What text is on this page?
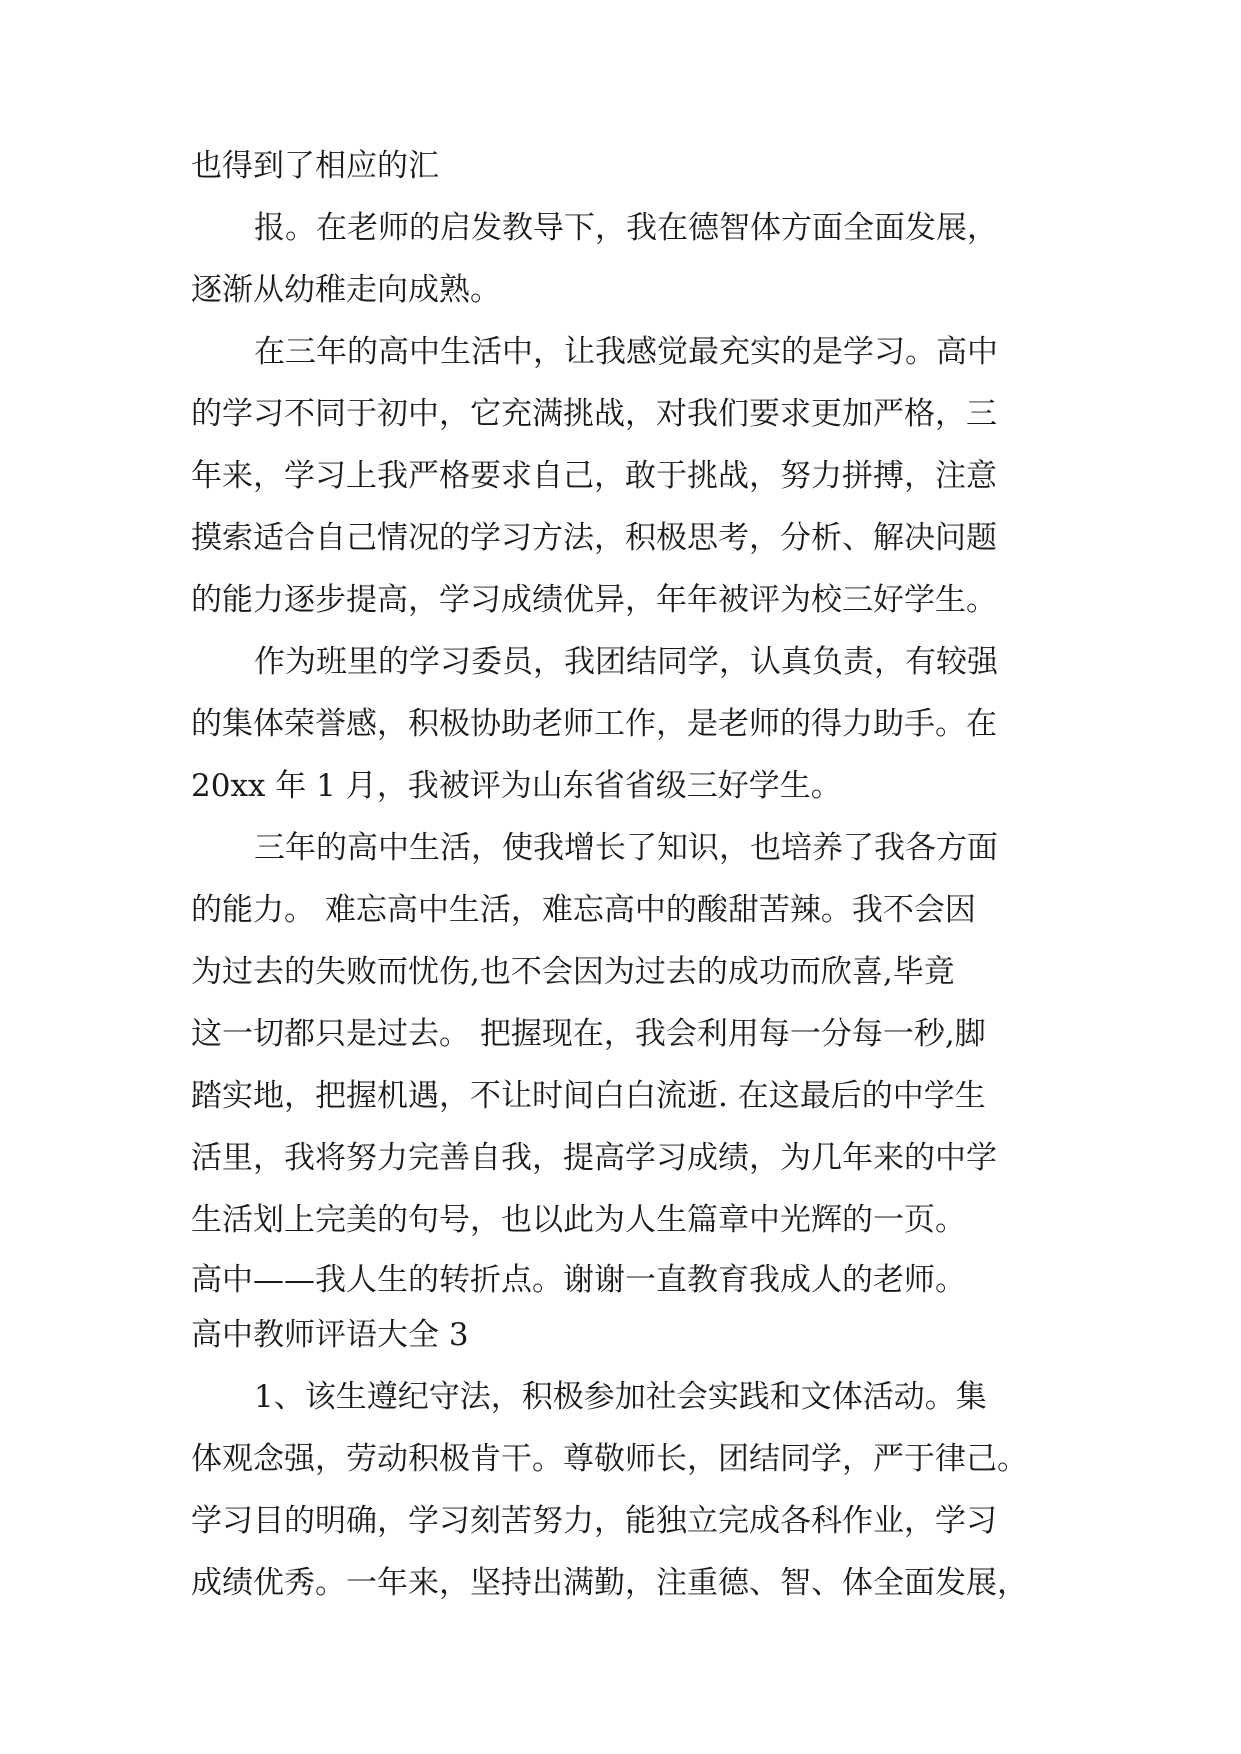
也得到了相应的汇
报。在老师的启发教导下，我在德智体方面全面发展，
逐渐从幼稚走向成熟。
在三年的高中生活中，让我感觉最充实的是学习。高中
的学习不同于初中，它充满挑战，对我们要求更加严格，三
年来，学习上我严格要求自己，敢于挑战，努力拼搏，注意
摸索适合自己情况的学习方法，积极思考，分析、解决问题
的能力逐步提高，学习成绩优异，年年被评为校三好学生。
作为班里的学习委员，我团结同学，认真负责，有较强
的集体荣誉感，积极协助老师工作，是老师的得力助手。在
20xx 年 1 月，我被评为山东省省级三好学生。
三年的高中生活，使我增长了知识，也培养了我各方面
的能力。 难忘高中生活，难忘高中的酸甜苦辣。我不会因
为过去的失败而忧伤,也不会因为过去的成功而欣喜,毕竟
这一切都只是过去。 把握现在，我会利用每一分每一秒,脚
踏实地，把握机遇，不让时间白白流逝. 在这最后的中学生
活里，我将努力完善自我，提高学习成绩，为几年来的中学
生活划上完美的句号，也以此为人生篇章中光辉的一页。
高中——我人生的转折点。谢谢一直教育我成人的老师。
高中教师评语大全 3
1、该生遵纪守法，积极参加社会实践和文体活动。集
体观念强，劳动积极肯干。尊敬师长，团结同学，严于律己。
学习目的明确，学习刻苦努力，能独立完成各科作业，学习
成绩优秀。一年来，坚持出满勤，注重德、智、体全面发展，
